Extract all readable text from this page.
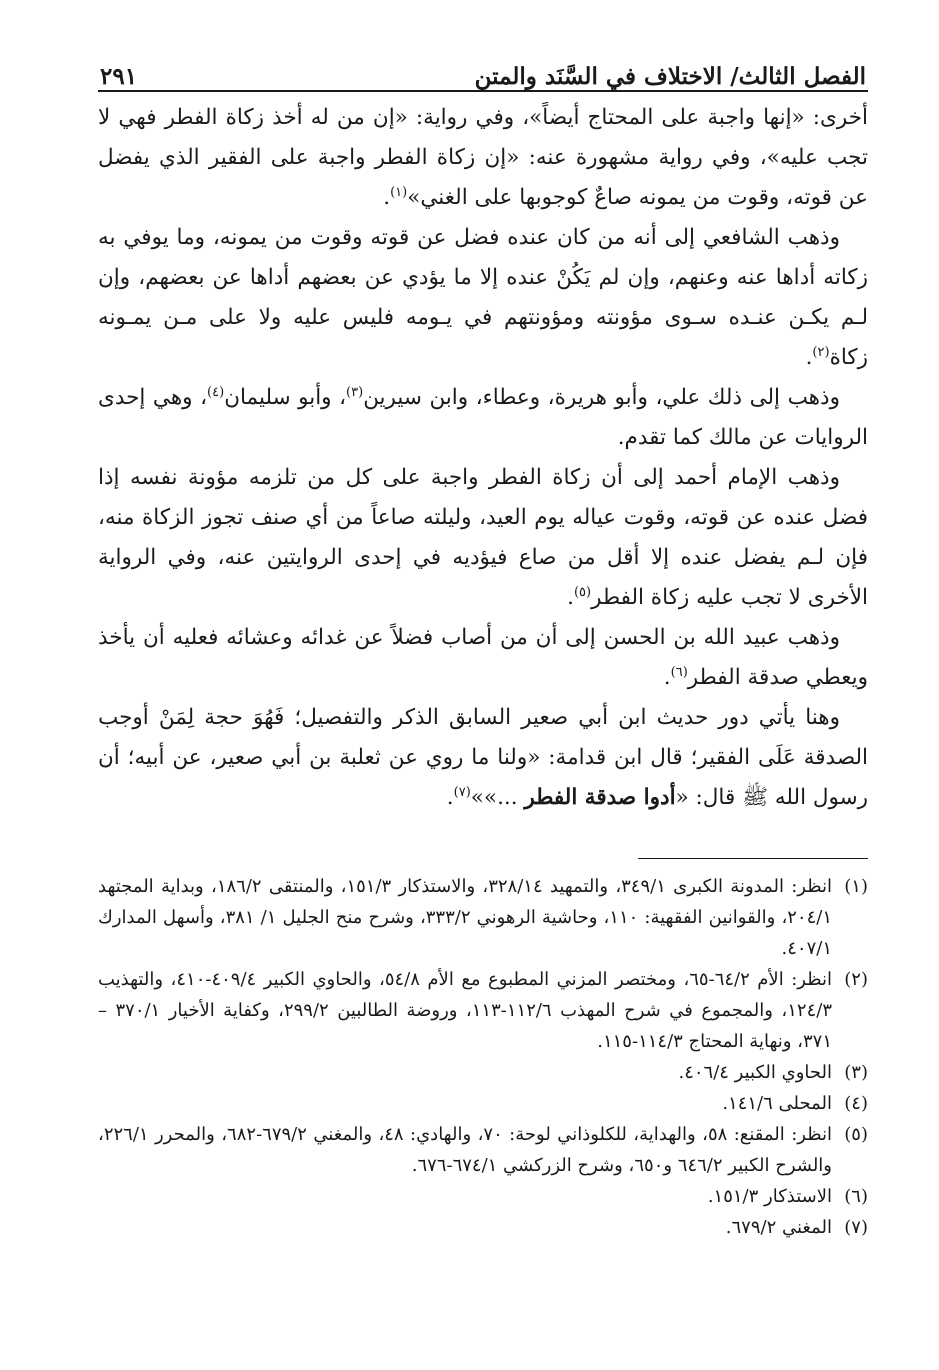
الفصل الثالث/ الاختلاف في السَّنَد والمتن
٢٩١

أخرى: «إنها واجبة على المحتاج أيضاً»، وفي رواية: «إن من له أخذ زكاة الفطر فهي لا تجب عليه»، وفي رواية مشهورة عنه: «إن زكاة الفطر واجبة على الفقير الذي يفضل عن قوته، وقوت من يمونه صاعٌ كوجوبها على الغني»$^{(١)}$.

وذهب الشافعي إلى أنه من كان عنده فضل عن قوته وقوت من يمونه، وما يوفي به زكاته أداها عنه وعنهم، وإن لم يَكُنْ عنده إلا ما يؤدي عن بعضهم أداها عن بعضهم، وإن لـم يكـن عنـده سـوى مؤونته ومؤونتهم في يـومه فليس عليه ولا على مـن يمـونه زكاة$^{(٢)}$.

وذهب إلى ذلك علي، وأبو هريرة، وعطاء، وابن سيرين$^{(٣)}$، وأبو سليمان$^{(٤)}$، وهي إحدى الروايات عن مالك كما تقدم.

وذهب الإمام أحمد إلى أن زكاة الفطر واجبة على كل من تلزمه مؤونة نفسه إذا فضل عنده عن قوته، وقوت عياله يوم العيد، وليلته صاعاً من أي صنف تجوز الزكاة منه، فإن لـم يفضل عنده إلا أقل من صاع فيؤديه في إحدى الروايتين عنه، وفي الرواية الأخرى لا تجب عليه زكاة الفطر$^{(٥)}$.

وذهب عبيد الله بن الحسن إلى أن من أصاب فضلاً عن غدائه وعشائه فعليه أن يأخذ ويعطي صدقة الفطر$^{(٦)}$.

وهنا يأتي دور حديث ابن أبي صعير السابق الذكر والتفصيل؛ فَهُوَ حجة لِمَنْ أوجب الصدقة عَلَى الفقير؛ قال ابن قدامة: «ولنا ما روي عن ثعلبة بن أبي صعير، عن أبيه؛ أن رسول الله ﷺ قال: «أدوا صدقة الفطر ...»»$^{(٧)}$.

(١)
انظر: المدونة الكبرى ٣٤٩/١، والتمهيد ٣٢٨/١٤، والاستذكار ١٥١/٣، والمنتقى ١٨٦/٢، وبداية المجتهد ٢٠٤/١، والقوانين الفقهية: ١١٠، وحاشية الرهوني ٣٣٣/٢، وشرح منح الجليل ١/ ٣٨١، وأسهل المدارك ٤٠٧/١.
(٢)
انظر: الأم ٦٤/٢-٦٥، ومختصر المزني المطبوع مع الأم ٥٤/٨، والحاوي الكبير ٤٠٩/٤-٤١٠، والتهذيب ١٢٤/٣، والمجموع في شرح المهذب ١١٢/٦-١١٣، وروضة الطالبين ٢٩٩/٢، وكفاية الأخيار ٣٧٠/١ – ٣٧١، ونهاية المحتاج ١١٤/٣-١١٥.
(٣)
الحاوي الكبير ٤٠٦/٤.
(٤)
المحلى ١٤١/٦.
(٥)
انظر: المقنع: ٥٨، والهداية، للكلوذاني لوحة: ٧٠، والهادي: ٤٨، والمغني ٦٧٩/٢-٦٨٢، والمحرر ٢٢٦/١، والشرح الكبير ٦٤٦/٢ و٦٥٠، وشرح الزركشي ٦٧٤/١-٦٧٦.
(٦)
الاستذكار ١٥١/٣.
(٧)
المغني ٦٧٩/٢.
